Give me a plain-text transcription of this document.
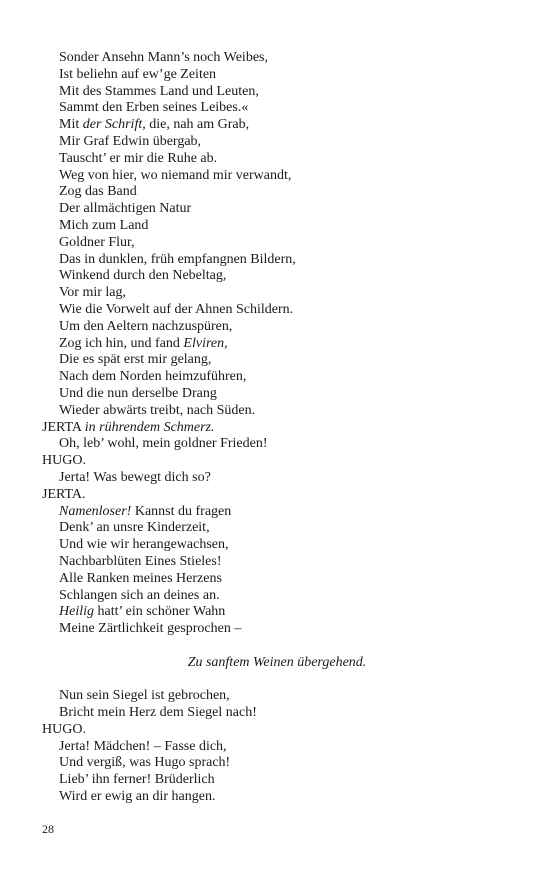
Sonder Ansehn Mann’s noch Weibes,
Ist beliehn auf ew’ge Zeiten
Mit des Stammes Land und Leuten,
Sammt den Erben seines Leibes.«
Mit der Schrift, die, nah am Grab,
Mir Graf Edwin übergab,
Tauscht’ er mir die Ruhe ab.
Weg von hier, wo niemand mir verwandt,
Zog das Band
Der allmächtigen Natur
Mich zum Land
Goldner Flur,
Das in dunklen, früh empfangnen Bildern,
Winkend durch den Nebeltag,
Vor mir lag,
Wie die Vorwelt auf der Ahnen Schildern.
Um den Aeltern nachzuspüren,
Zog ich hin, und fand Elviren,
Die es spät erst mir gelang,
Nach dem Norden heimzuführen,
Und die nun derselbe Drang
Wieder abwärts treibt, nach Süden.
JERTA in rührendem Schmerz.
Oh, leb’ wohl, mein goldner Frieden!
HUGO.
Jerta! Was bewegt dich so?
JERTA.
Namenloser! Kannst du fragen
Denk’ an unsre Kinderzeit,
Und wie wir herangewachsen,
Nachbarblüten Eines Stieles!
Alle Ranken meines Herzens
Schlangen sich an deines an.
Heilig hatt’ ein schöner Wahn
Meine Zärtlichkeit gesprochen –
Zu sanftem Weinen übergehend.
Nun sein Siegel ist gebrochen,
Bricht mein Herz dem Siegel nach!
HUGO.
Jerta! Mädchen! – Fasse dich,
Und vergiß, was Hugo sprach!
Lieb’ ihn ferner! Brüderlich
Wird er ewig an dir hangen.
28
